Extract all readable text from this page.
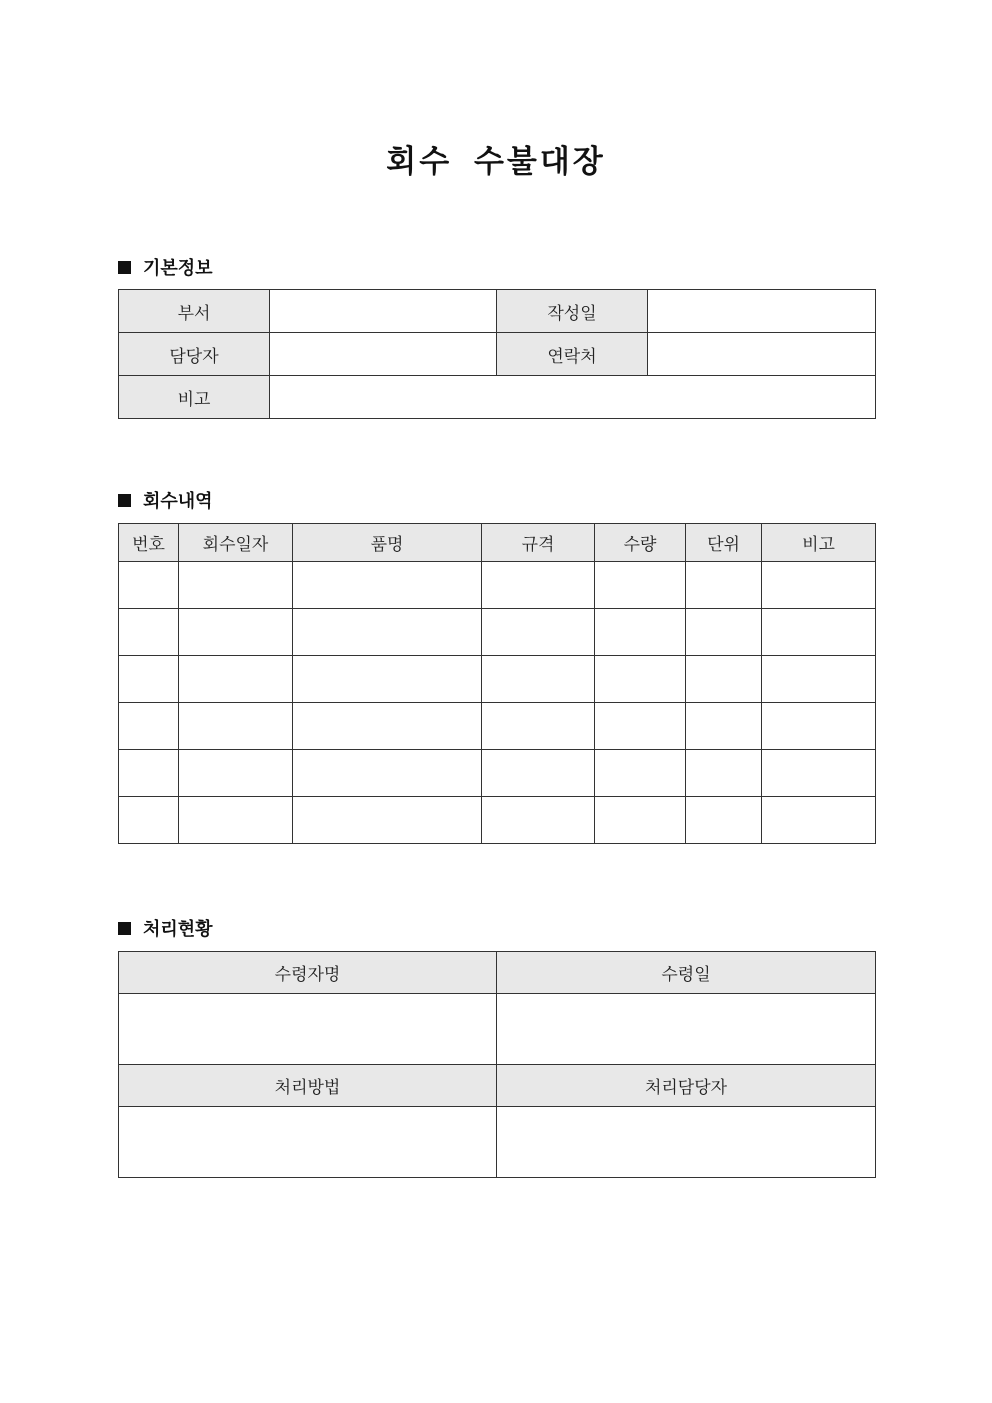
회수 수불대장
기본정보
부서		작성일	
담당자		연락처	
비고			
회수내역
번호	회수일자	품명	규격	수량	단위	비고

처리현황
수령자명	수령일

처리방법	처리담당자
